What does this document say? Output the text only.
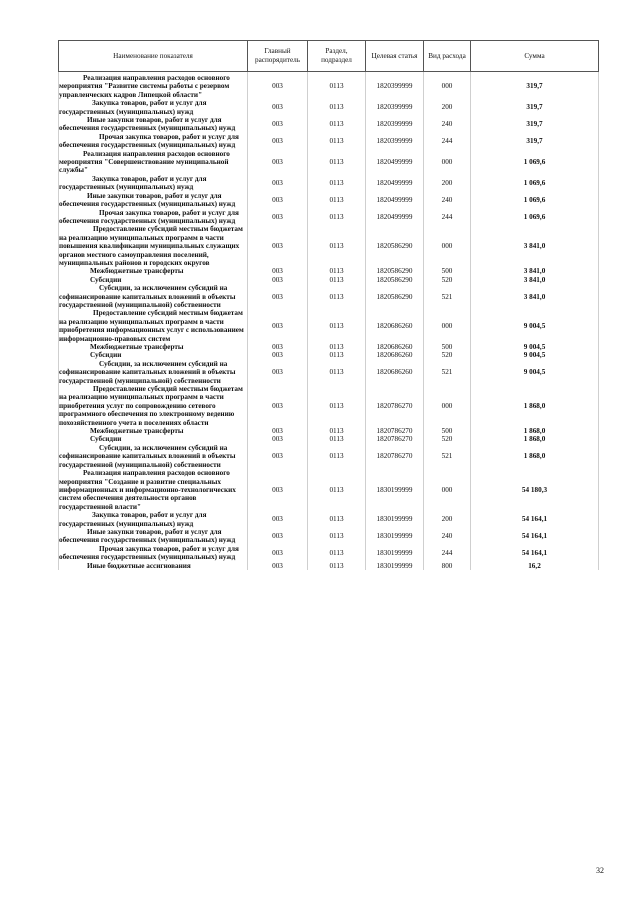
Наименование показателя	Главный распорядитель	Раздел, подраздел	Целевая статья	Вид расхода	Сумма
Реализация направления расходов основного мероприятия "Развитие системы работы с резервом управленческих кадров Липецкой области"	003	0113	1820399999	000	319,7
Закупка товаров, работ и услуг для государственных (муниципальных) нужд	003	0113	1820399999	200	319,7
Иные закупки товаров, работ и услуг для обеспечения государственных (муниципальных) нужд	003	0113	1820399999	240	319,7
Прочая закупка товаров, работ и услуг для обеспечения государственных (муниципальных) нужд	003	0113	1820399999	244	319,7
Реализация направления расходов основного мероприятия "Совершенствование муниципальной службы"	003	0113	1820499999	000	1 069,6
Закупка товаров, работ и услуг для государственных (муниципальных) нужд	003	0113	1820499999	200	1 069,6
Иные закупки товаров, работ и услуг для обеспечения государственных (муниципальных) нужд	003	0113	1820499999	240	1 069,6
Прочая закупка товаров, работ и услуг для обеспечения государственных (муниципальных) нужд	003	0113	1820499999	244	1 069,6
Предоставление субсидий местным бюджетам на реализацию муниципальных программ в части повышения квалификации муниципальных служащих органов местного самоуправления поселений, муниципальных районов и городских округов	003	0113	1820586290	000	3 841,0
Межбюджетные трансферты	003	0113	1820586290	500	3 841,0
Субсидии	003	0113	1820586290	520	3 841,0
Субсидии, за исключением субсидий на софинансирование капитальных вложений в объекты государственной (муниципальной) собственности	003	0113	1820586290	521	3 841,0
Предоставление субсидий местным бюджетам на реализацию муниципальных программ в части приобретения информационных услуг с использованием информационно-правовых систем	003	0113	1820686260	000	9 004,5
Межбюджетные трансферты	003	0113	1820686260	500	9 004,5
Субсидии	003	0113	1820686260	520	9 004,5
Субсидии, за исключением субсидий на софинансирование капитальных вложений в объекты государственной (муниципальной) собственности	003	0113	1820686260	521	9 004,5
Предоставление субсидий местным бюджетам на реализацию муниципальных программ в части приобретения услуг по сопровождению сетевого программного обеспечения по электронному ведению похозяйственного учета в поселениях области	003	0113	1820786270	000	1 868,0
Межбюджетные трансферты	003	0113	1820786270	500	1 868,0
Субсидии	003	0113	1820786270	520	1 868,0
Субсидии, за исключением субсидий на софинансирование капитальных вложений в объекты государственной (муниципальной) собственности	003	0113	1820786270	521	1 868,0
Реализация направления расходов основного мероприятия "Создание и развитие специальных информационных и информационно-технологических систем обеспечения деятельности органов государственной власти"	003	0113	1830199999	000	54 180,3
Закупка товаров, работ и услуг для государственных (муниципальных) нужд	003	0113	1830199999	200	54 164,1
Иные закупки товаров, работ и услуг для обеспечения государственных (муниципальных) нужд	003	0113	1830199999	240	54 164,1
Прочая закупка товаров, работ и услуг для обеспечения государственных (муниципальных) нужд	003	0113	1830199999	244	54 164,1
Иные бюджетные ассигнования	003	0113	1830199999	800	16,2
32
